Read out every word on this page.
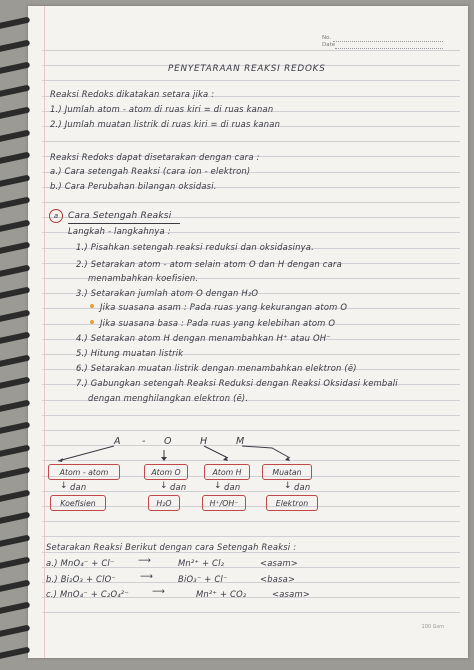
No.
Date
PENYETARAAN REAKSI REDOKS
Reaksi Redoks dikatakan setara jika :
1.) Jumlah atom - atom di ruas kiri = di ruas kanan
2.) Jumlah muatan listrik di ruas kiri = di ruas kanan
Reaksi Redoks dapat disetarakan dengan cara :
a.) Cara setengah Reaksi (cara ion - elektron)
b.) Cara Perubahan bilangan oksidasi.
a	Cara Setengah Reaksi
Langkah - langkahnya :
1.) Pisahkan setengah reaksi reduksi dan oksidasinya.
2.) Setarakan atom - atom selain atom O dan H dengan cara
menambahkan koefisien.
3.) Setarakan jumlah atom O dengan H₂O
Jika suasana asam : Pada ruas yang kekurangan atom O
Jika suasana basa : Pada ruas yang kelebihan atom O
4.) Setarakan atom H dengan menambahkan H⁺ atau OH⁻
5.) Hitung muatan listrik
6.) Setarakan muatan listrik dengan menambahkan elektron (ē)
7.) Gabungkan setengah Reaksi Reduksi dengan Reaksi Oksidasi kembali
dengan menghilangkan elektron (ē).
A - O	H	M
Atom - atom	Atom O	Atom H	Muatan
↓ dan	↓ dan	↓ dan	↓ dan
Koefisien	H₂O	H⁺/OH⁻	Elektron
Setarakan Reaksi Berikut dengan cara Setengah Reaksi :
a.) MnO₄⁻ + Cl⁻	⟶	Mn²⁺ + Cl₂	<asam>
b.) Bi₂O₃ + ClO⁻	⟶	BiO₃⁻ + Cl⁻	<basa>
c.) MnO₄⁻ + C₂O₄²⁻	⟶	Mn²⁺ + CO₂	<asam>
100 Gsm
